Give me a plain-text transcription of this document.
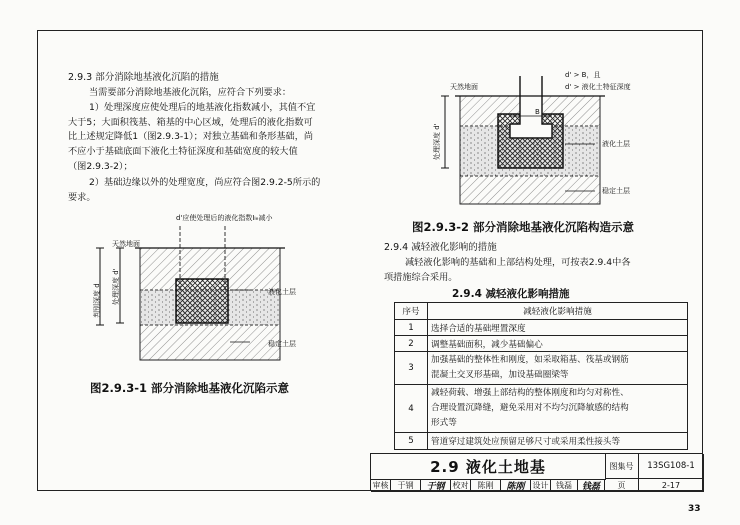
2.9.3 部分消除地基液化沉陷的措施
当需要部分消除地基液化沉陷，应符合下列要求：
1）处理深度应使处理后的地基液化指数减小，其值不宜
大于5；大面积筏基、箱基的中心区域，处理后的液化指数可
比上述规定降低1（图2.9.3-1）；对独立基础和条形基础，尚
不应小于基础底面下液化土特征深度和基础宽度的较大值
（图2.9.3-2）；
2）基础边缘以外的处理宽度，尚应符合图2.9.2-5所示的
要求。
d'应使处理后的液化指数Iₗₑ减小
天然地面
判别深度 d 处理深度 d'	液化土层
稳定土层
图2.9.3-1 部分消除地基液化沉陷示意
d' > B，且
d' > 液化土特征深度
天然地面
处理深度 d'
B
液化土层
稳定土层
图2.9.3-2 部分消除地基液化沉陷构造示意
2.9.4 减轻液化影响的措施
减轻液化影响的基础和上部结构处理，可按表2.9.4中各
项措施综合采用。
2.9.4 减轻液化影响措施
序号	减轻液化影响措施
1	选择合适的基础埋置深度
2	调整基础面积，减少基础偏心
3	加强基础的整体性和刚度，如采取箱基、筏基或钢筋
混凝土交叉形基础，加设基础圈梁等

4	减轻荷载、增强上部结构的整体刚度和均匀对称性、
合理设置沉降缝，避免采用对不均匀沉降敏感的结构
形式等

5	管道穿过建筑处应预留足够尺寸或采用柔性接头等
2.9 液化土地基	图集号	13SG108-1
审核	于钢	于钢	校对	陈刚	陈刚	设计 钱磊	钱磊	页	2-17
33
